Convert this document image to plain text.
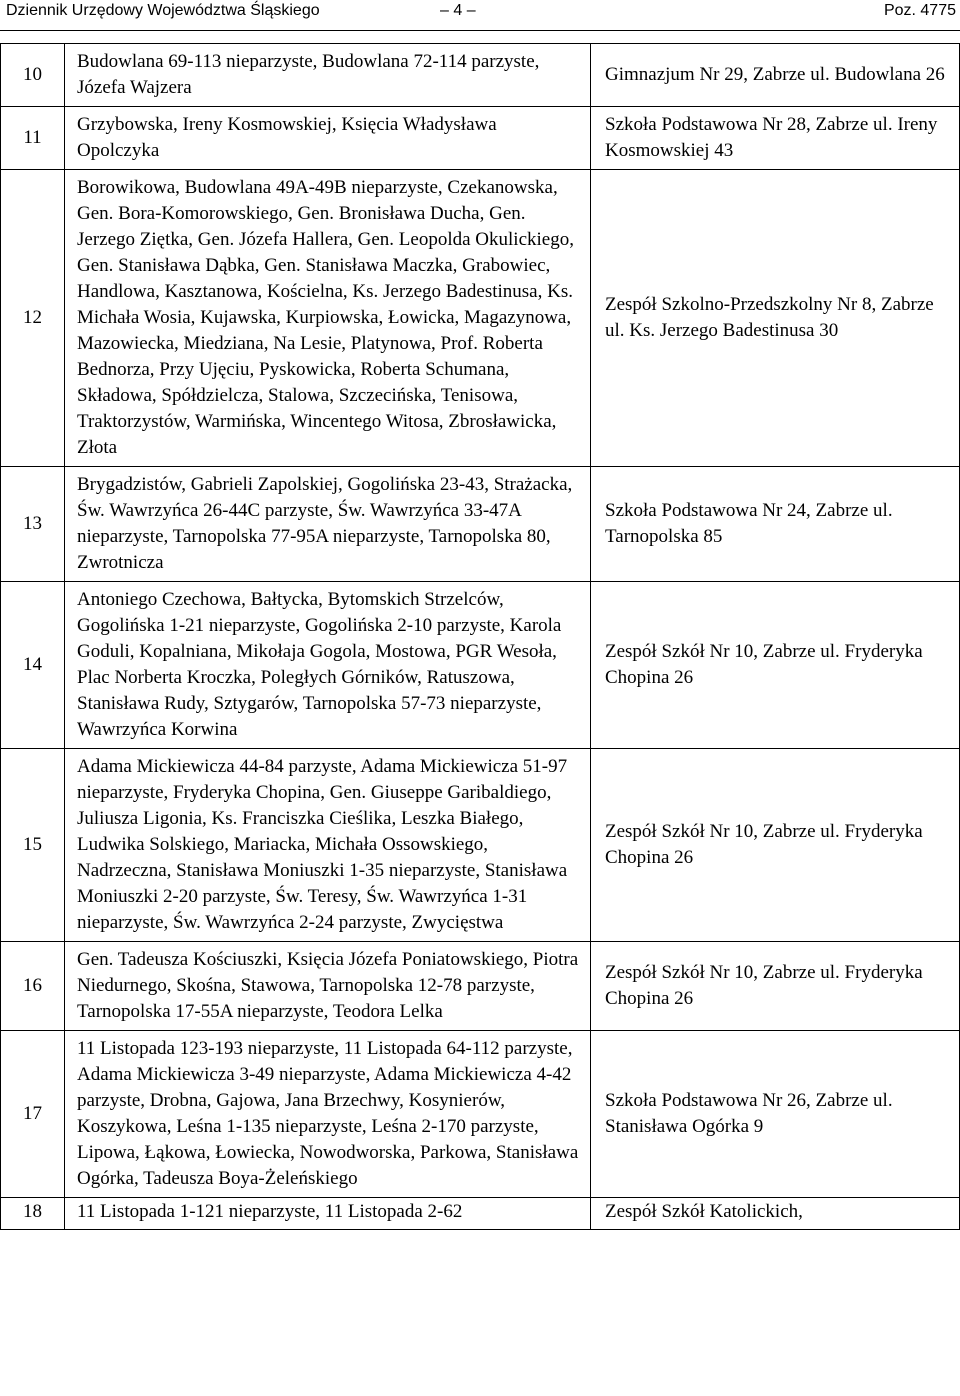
Dziennik Urzędowy Województwa Śląskiego	– 4 –	Poz. 4775
10	Budowlana 69-113 nieparzyste, Budowlana 72-114 parzyste, Józefa Wajzera	Gimnazjum Nr 29, Zabrze ul. Budowlana 26
11	Grzybowska, Ireny Kosmowskiej, Księcia Władysława Opolczyka	Szkoła Podstawowa Nr 28, Zabrze ul. Ireny Kosmowskiej 43
12	Borowikowa, Budowlana 49A-49B nieparzyste, Czekanowska, Gen. Bora-Komorowskiego, Gen. Bronisława Ducha, Gen. Jerzego Ziętka, Gen. Józefa Hallera, Gen. Leopolda Okulickiego, Gen. Stanisława Dąbka, Gen. Stanisława Maczka, Grabowiec, Handlowa, Kasztanowa, Kościelna, Ks. Jerzego Badestinusa, Ks. Michała Wosia, Kujawska, Kurpiowska, Łowicka, Magazynowa, Mazowiecka, Miedziana, Na Lesie, Platynowa, Prof. Roberta Bednorza, Przy Ujęciu, Pyskowicka, Roberta Schumana, Składowa, Spółdzielcza, Stalowa, Szczecińska, Tenisowa, Traktorzystów, Warmińska, Wincentego Witosa, Zbrosławicka, Złota	Zespół Szkolno-Przedszkolny Nr 8, Zabrze ul. Ks. Jerzego Badestinusa 30
13	Brygadzistów, Gabrieli Zapolskiej, Gogolińska 23-43, Strażacka, Św. Wawrzyńca 26-44C parzyste, Św. Wawrzyńca 33-47A nieparzyste, Tarnopolska 77-95A nieparzyste, Tarnopolska 80, Zwrotnicza	Szkoła Podstawowa Nr 24, Zabrze ul. Tarnopolska 85
14	Antoniego Czechowa, Bałtycka, Bytomskich Strzelców, Gogolińska 1-21 nieparzyste, Gogolińska 2-10 parzyste, Karola Goduli, Kopalniana, Mikołaja Gogola, Mostowa, PGR Wesoła, Plac Norberta Kroczka, Poległych Górników, Ratuszowa, Stanisława Rudy, Sztygarów, Tarnopolska 57-73 nieparzyste, Wawrzyńca Korwina	Zespół Szkół Nr 10, Zabrze ul. Fryderyka Chopina 26
15	Adama Mickiewicza 44-84 parzyste, Adama Mickiewicza 51-97 nieparzyste, Fryderyka Chopina, Gen. Giuseppe Garibaldiego, Juliusza Ligonia, Ks. Franciszka Cieślika, Leszka Białego, Ludwika Solskiego, Mariacka, Michała Ossowskiego, Nadrzeczna, Stanisława Moniuszki 1-35 nieparzyste, Stanisława Moniuszki 2-20 parzyste, Św. Teresy, Św. Wawrzyńca 1-31 nieparzyste, Św. Wawrzyńca 2-24 parzyste, Zwycięstwa	Zespół Szkół Nr 10, Zabrze ul. Fryderyka Chopina 26
16	Gen. Tadeusza Kościuszki, Księcia Józefa Poniatowskiego, Piotra Niedurnego, Skośna, Stawowa, Tarnopolska 12-78 parzyste, Tarnopolska 17-55A nieparzyste, Teodora Lelka	Zespół Szkół Nr 10, Zabrze ul. Fryderyka Chopina 26
17	11 Listopada 123-193 nieparzyste, 11 Listopada 64-112 parzyste, Adama Mickiewicza 3-49 nieparzyste, Adama Mickiewicza 4-42 parzyste, Drobna, Gajowa, Jana Brzechwy, Kosynierów, Koszykowa, Leśna 1-135 nieparzyste, Leśna 2-170 parzyste, Lipowa, Łąkowa, Łowiecka, Nowodworska, Parkowa, Stanisława Ogórka, Tadeusza Boya-Żeleńskiego	Szkoła Podstawowa Nr 26, Zabrze ul. Stanisława Ogórka 9
18	11 Listopada 1-121 nieparzyste, 11 Listopada 2-62	Zespół Szkół Katolickich,
